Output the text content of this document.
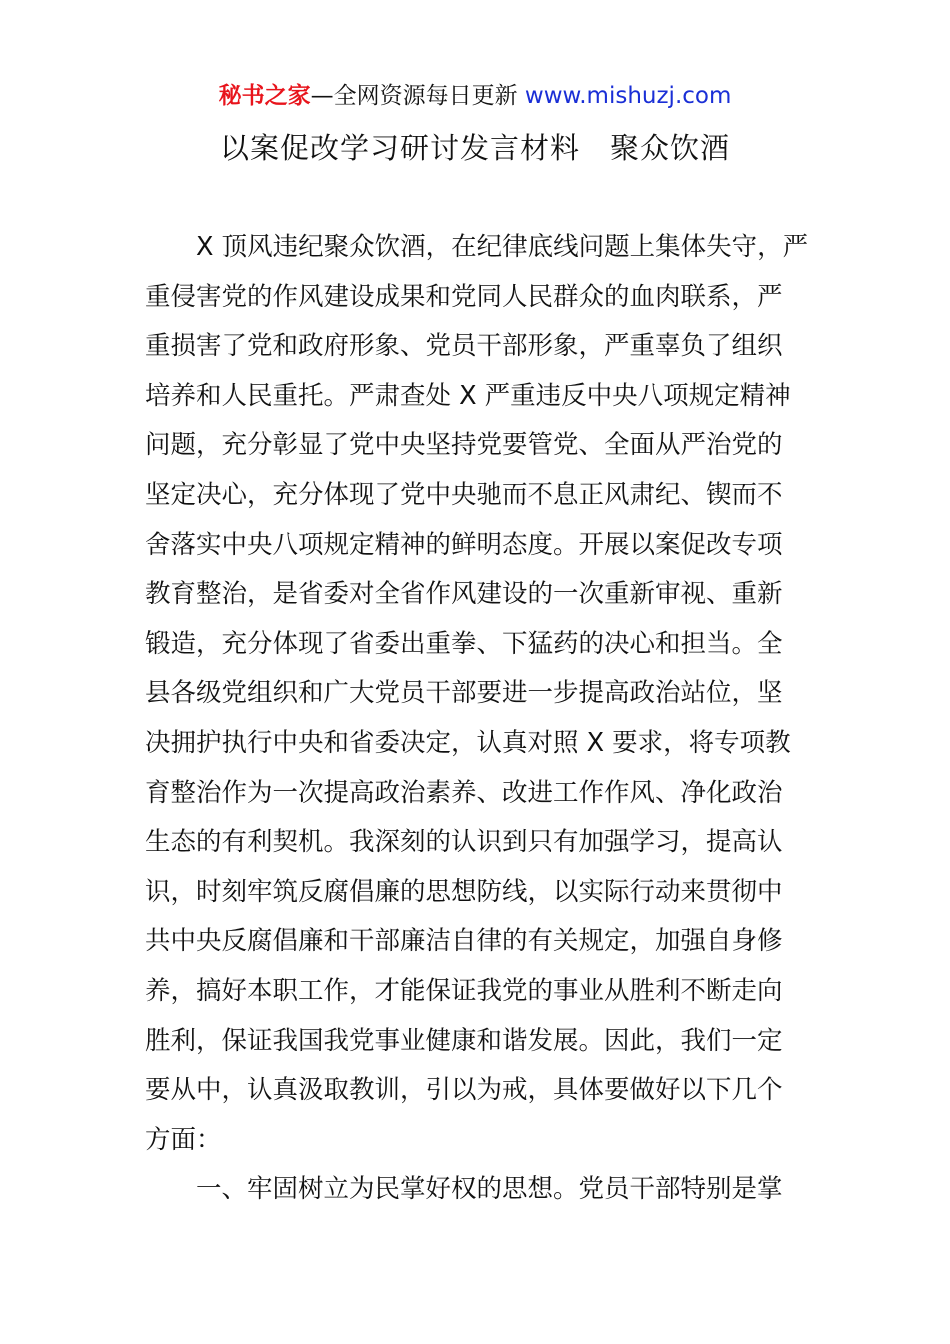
秘书之家—全网资源每日更新 www.mishuzj.com
以案促改学习研讨发言材料　聚众饮酒
　　X 顶风违纪聚众饮酒，在纪律底线问题上集体失守，严
重侵害党的作风建设成果和党同人民群众的血肉联系，严
重损害了党和政府形象、党员干部形象，严重辜负了组织
培养和人民重托。严肃查处 X 严重违反中央八项规定精神
问题，充分彰显了党中央坚持党要管党、全面从严治党的
坚定决心，充分体现了党中央驰而不息正风肃纪、锲而不
舍落实中央八项规定精神的鲜明态度。开展以案促改专项
教育整治，是省委对全省作风建设的一次重新审视、重新
锻造，充分体现了省委出重拳、下猛药的决心和担当。全
县各级党组织和广大党员干部要进一步提高政治站位，坚
决拥护执行中央和省委决定，认真对照 X 要求，将专项教
育整治作为一次提高政治素养、改进工作作风、净化政治
生态的有利契机。我深刻的认识到只有加强学习，提高认
识，时刻牢筑反腐倡廉的思想防线，以实际行动来贯彻中
共中央反腐倡廉和干部廉洁自律的有关规定，加强自身修
养，搞好本职工作，才能保证我党的事业从胜利不断走向
胜利，保证我国我党事业健康和谐发展。因此，我们一定
要从中，认真汲取教训，引以为戒，具体要做好以下几个
方面：
　　一、牢固树立为民掌好权的思想。党员干部特别是掌
